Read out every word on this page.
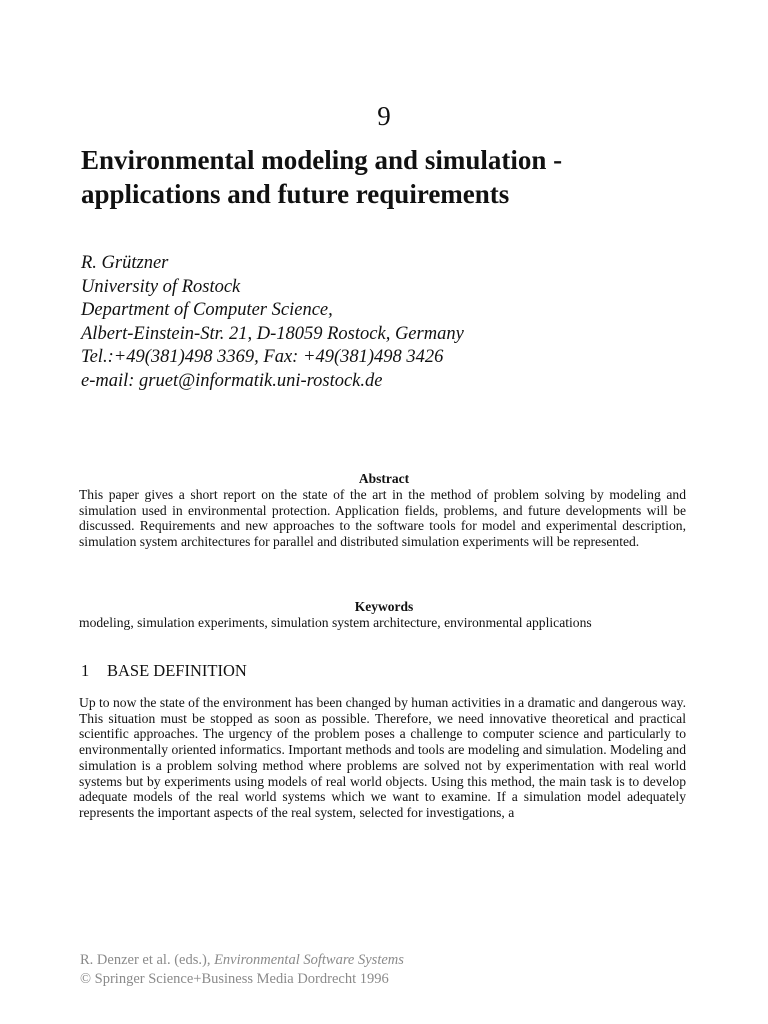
9
Environmental modeling and simulation -
applications and future requirements
R. Grützner
University of Rostock
Department of Computer Science,
Albert-Einstein-Str. 21, D-18059 Rostock, Germany
Tel.:+49(381)498 3369, Fax: +49(381)498 3426
e-mail: gruet@informatik.uni-rostock.de
Abstract
This paper gives a short report on the state of the art in the method of problem solving by modeling and simulation used in environmental protection. Application fields, problems, and future developments will be discussed. Requirements and new approaches to the software tools for model and experimental description, simulation system architectures for parallel and distributed simulation experiments will be represented.
Keywords
modeling, simulation experiments, simulation system architecture, environmental applications
1 BASE DEFINITION
Up to now the state of the environment has been changed by human activities in a dramatic and dangerous way. This situation must be stopped as soon as possible. Therefore, we need innovative theoretical and practical scientific approaches. The urgency of the problem poses a challenge to computer science and particularly to environmentally oriented informatics. Important methods and tools are modeling and simulation. Modeling and simulation is a problem solving method where problems are solved not by experimentation with real world systems but by experiments using models of real world objects. Using this method, the main task is to develop adequate models of the real world systems which we want to examine. If a simulation model adequately represents the important aspects of the real system, selected for investigations, a
R. Denzer et al. (eds.), Environmental Software Systems
© Springer Science+Business Media Dordrecht 1996
